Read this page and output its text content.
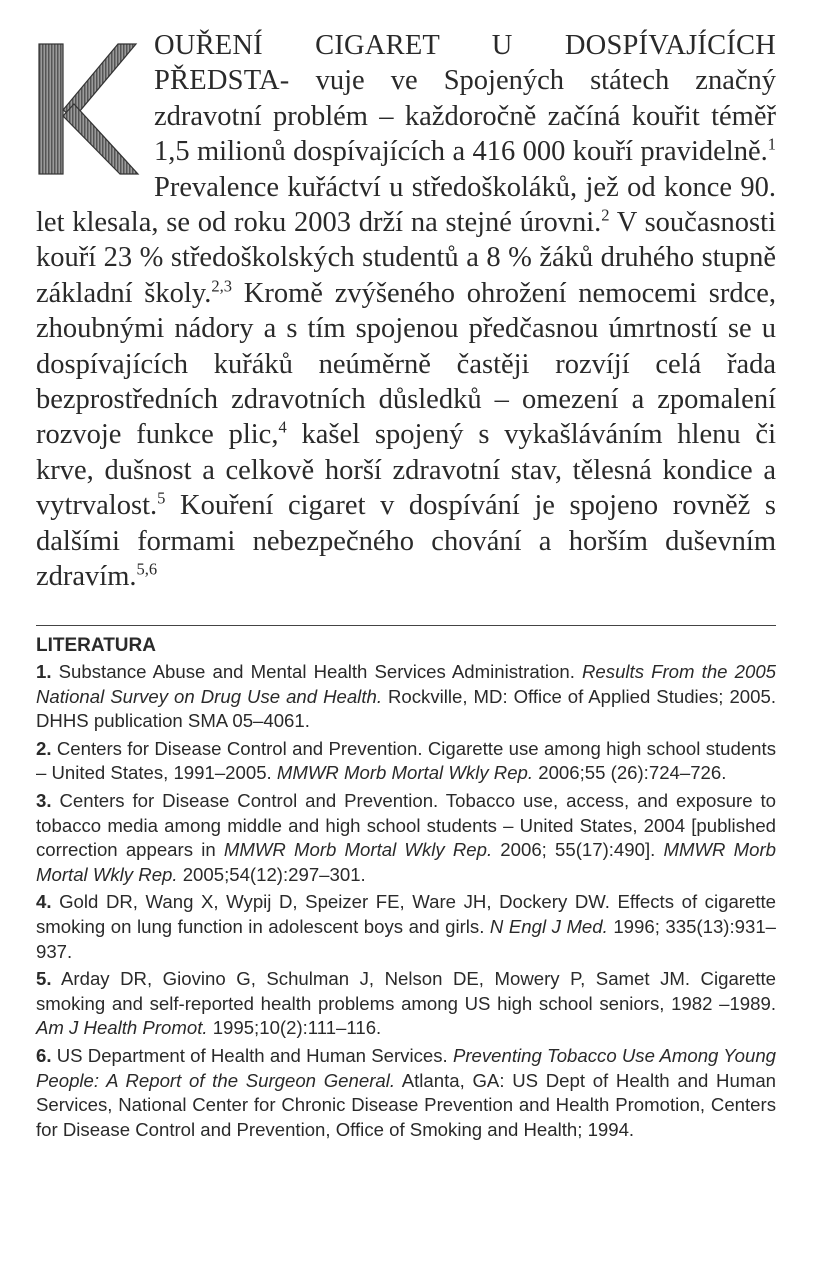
OUŘENÍ CIGARET U DOSPÍVAJÍCÍCH PŘEDSTA- vuje ve Spojených státech značný zdravotní problém – každoročně začíná kouřit téměř 1,5 milionů dospívajících a 416 000 kouří pravidelně.$^1$ Prevalence kuřáctví u středoškoláků, jež od konce 90. let klesala, se od roku 2003 drží na stejné úrovni.$^2$ V současnosti kouří 23 % středoškolských studentů a 8 % žáků druhého stupně základní školy.$^{2,3}$ Kromě zvýšeného ohrožení nemocemi srdce, zhoubnými nádory a s tím spojenou předčasnou úmrtností se u dospívajících kuřáků neúměrně častěji rozvíjí celá řada bezprostředních zdravotních důsledků – omezení a zpomalení rozvoje funkce plic,$^4$ kašel spojený s vykašláváním hlenu či krve, dušnost a celkově horší zdravotní stav, tělesná kondice a vytrvalost.$^5$ Kouření cigaret v dospívání je spojeno rovněž s dalšími formami nebezpečného chování a horším duševním zdravím.$^{5,6}$

LITERATURA
1. Substance Abuse and Mental Health Services Administration. Results From the 2005 National Survey on Drug Use and Health. Rockville, MD: Office of Applied Studies; 2005. DHHS publication SMA 05–4061.
2. Centers for Disease Control and Prevention. Cigarette use among high school students – United States, 1991–2005. MMWR Morb Mortal Wkly Rep. 2006;55 (26):724–726.
3. Centers for Disease Control and Prevention. Tobacco use, access, and exposure to tobacco media among middle and high school students – United States, 2004 [published correction appears in MMWR Morb Mortal Wkly Rep. 2006; 55(17):490]. MMWR Morb Mortal Wkly Rep. 2005;54(12):297–301.
4. Gold DR, Wang X, Wypij D, Speizer FE, Ware JH, Dockery DW. Effects of cigarette smoking on lung function in adolescent boys and girls. N Engl J Med. 1996; 335(13):931–937.
5. Arday DR, Giovino G, Schulman J, Nelson DE, Mowery P, Samet JM. Cigarette smoking and self-reported health problems among US high school seniors, 1982 –1989. Am J Health Promot. 1995;10(2):111–116.
6. US Department of Health and Human Services. Preventing Tobacco Use Among Young People: A Report of the Surgeon General. Atlanta, GA: US Dept of Health and Human Services, National Center for Chronic Disease Prevention and Health Promotion, Centers for Disease Control and Prevention, Office of Smoking and Health; 1994.
